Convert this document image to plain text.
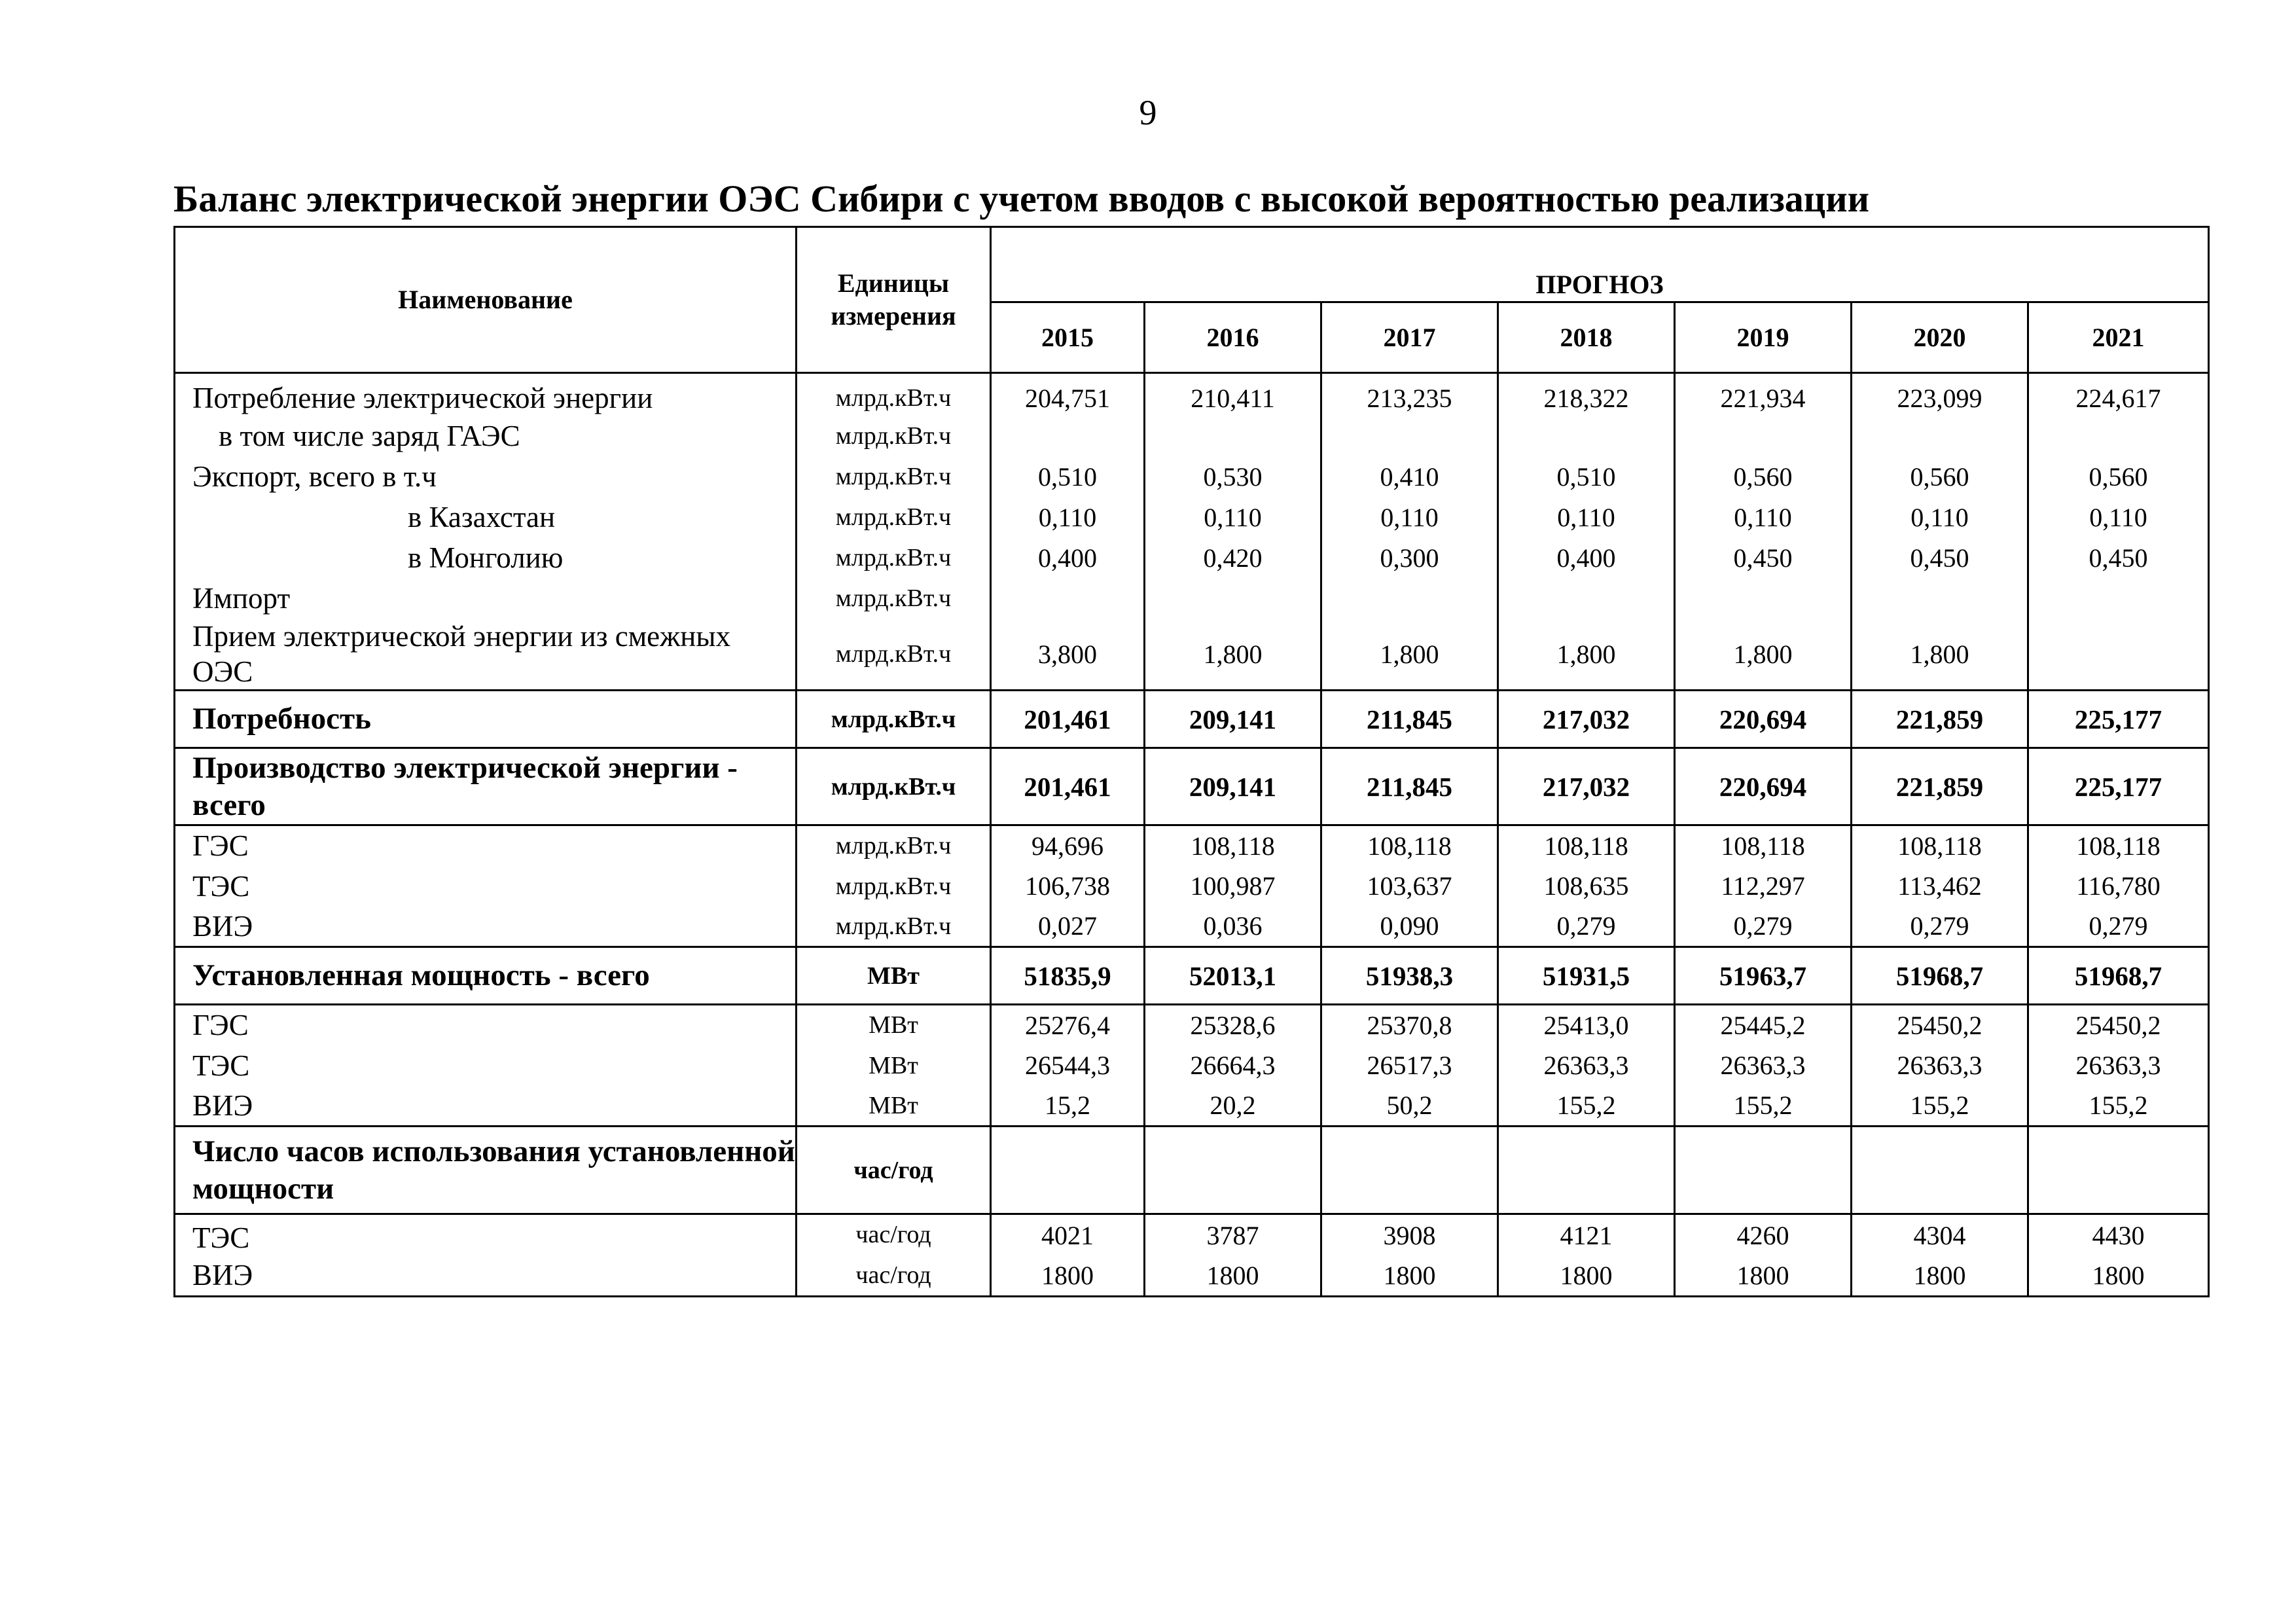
9
Баланс электрической энергии ОЭС Сибири с учетом вводов с высокой вероятностью реализации
Наименование	Единицы
измерения	ПРОГНОЗ						
		2015	2016	2017	2018	2019	2020	2021
Потребление электрической энергии	млрд.кВт.ч	204,751	210,411	213,235	218,322	221,934	223,099	224,617
в том числе заряд ГАЭС	млрд.кВт.ч							
Экспорт, всего в т.ч	млрд.кВт.ч	0,510	0,530	0,410	0,510	0,560	0,560	0,560
в Казахстан	млрд.кВт.ч	0,110	0,110	0,110	0,110	0,110	0,110	0,110
в Монголию	млрд.кВт.ч	0,400	0,420	0,300	0,400	0,450	0,450	0,450
Импорт	млрд.кВт.ч							
Прием электрической энергии из смежных ОЭС	млрд.кВт.ч	3,800	1,800	1,800	1,800	1,800	1,800	
Потребность	млрд.кВт.ч	201,461	209,141	211,845	217,032	220,694	221,859	225,177
Производство электрической энергии - всего	млрд.кВт.ч	201,461	209,141	211,845	217,032	220,694	221,859	225,177
ГЭС	млрд.кВт.ч	94,696	108,118	108,118	108,118	108,118	108,118	108,118
ТЭС	млрд.кВт.ч	106,738	100,987	103,637	108,635	112,297	113,462	116,780
ВИЭ	млрд.кВт.ч	0,027	0,036	0,090	0,279	0,279	0,279	0,279
Установленная мощность - всего	МВт	51835,9	52013,1	51938,3	51931,5	51963,7	51968,7	51968,7
ГЭС	МВт	25276,4	25328,6	25370,8	25413,0	25445,2	25450,2	25450,2
ТЭС	МВт	26544,3	26664,3	26517,3	26363,3	26363,3	26363,3	26363,3
ВИЭ	МВт	15,2	20,2	50,2	155,2	155,2	155,2	155,2
Число часов использования установленной мощности	час/год							
ТЭС	час/год	4021	3787	3908	4121	4260	4304	4430
ВИЭ	час/год	1800	1800	1800	1800	1800	1800	1800
